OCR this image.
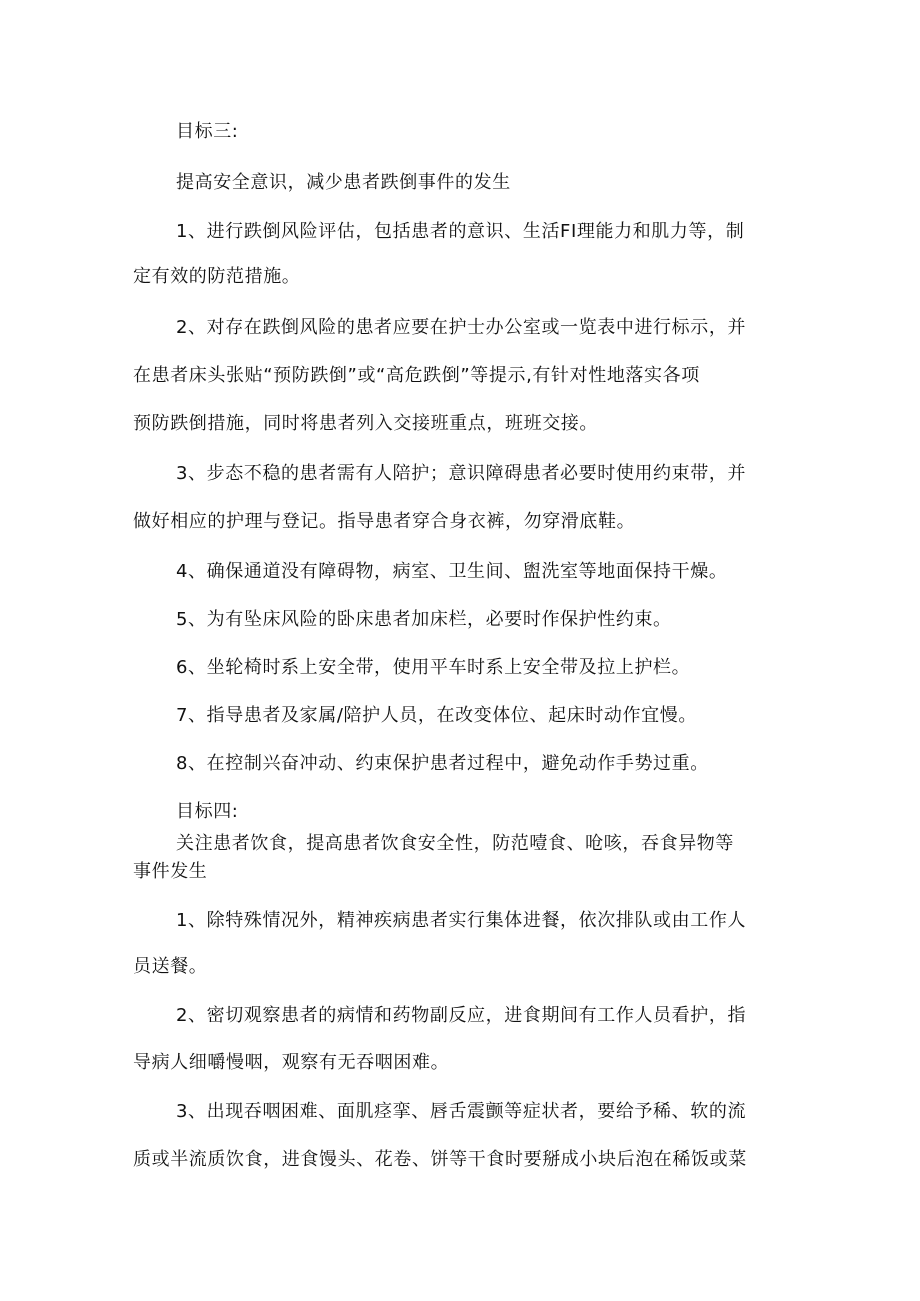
目标三:
提高安全意识，减少患者跌倒事件的发生
1、进行跌倒风险评估，包括患者的意识、生活FI理能力和肌力等，制
定有效的防范措施。
2、对存在跌倒风险的患者应要在护士办公室或一览表中进行标示，并
在患者床头张贴“预防跌倒”或“高危跌倒”等提示,有针对性地落实各项
预防跌倒措施，同时将患者列入交接班重点，班班交接。
3、步态不稳的患者需有人陪护；意识障碍患者必要时使用约束带，并
做好相应的护理与登记。指导患者穿合身衣裤，勿穿滑底鞋。
4、确保通道没有障碍物，病室、卫生间、盥洗室等地面保持干燥。
5、为有坠床风险的卧床患者加床栏，必要时作保护性约束。
6、坐轮椅时系上安全带，使用平车时系上安全带及拉上护栏。
7、指导患者及家属/陪护人员，在改变体位、起床时动作宜慢。
8、在控制兴奋冲动、约束保护患者过程中，避免动作手势过重。
目标四:
关注患者饮食，提高患者饮食安全性，防范噎食、呛咳，吞食异物等
事件发生
1、除特殊情况外，精神疾病患者实行集体进餐，依次排队或由工作人
员送餐。
2、密切观察患者的病情和药物副反应，进食期间有工作人员看护，指
导病人细嚼慢咽，观察有无吞咽困难。
3、出现吞咽困难、面肌痉挛、唇舌震颤等症状者，要给予稀、软的流
质或半流质饮食，进食馒头、花卷、饼等干食时要掰成小块后泡在稀饭或菜
